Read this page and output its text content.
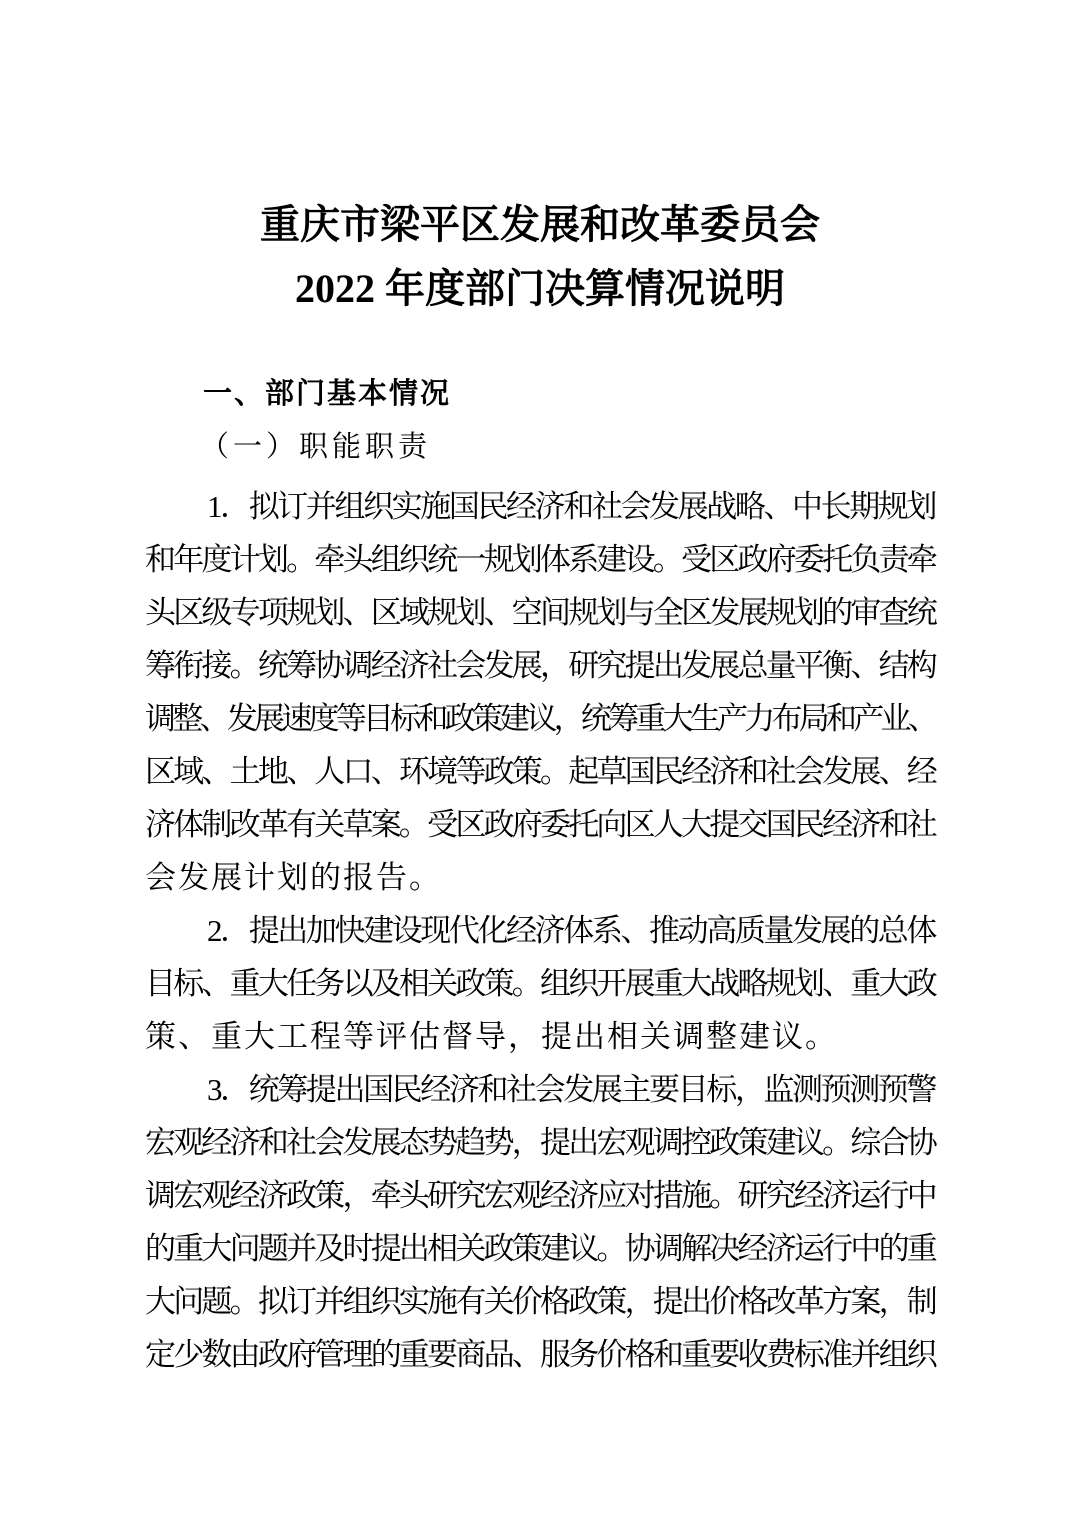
重庆市梁平区发展和改革委员会
2022 年度部门决算情况说明
一、部门基本情况
（一）职能职责
1．拟订并组织实施国民经济和社会发展战略、中长期规划
和年度计划。牵头组织统一规划体系建设。受区政府委托负责牵
头区级专项规划、区域规划、空间规划与全区发展规划的审查统
筹衔接。统筹协调经济社会发展，研究提出发展总量平衡、结构
调整、发展速度等目标和政策建议，统筹重大生产力布局和产业、
区域、土地、人口、环境等政策。起草国民经济和社会发展、经
济体制改革有关草案。受区政府委托向区人大提交国民经济和社
会发展计划的报告。
2．提出加快建设现代化经济体系、推动高质量发展的总体
目标、重大任务以及相关政策。组织开展重大战略规划、重大政
策、重大工程等评估督导，提出相关调整建议。
3．统筹提出国民经济和社会发展主要目标，监测预测预警
宏观经济和社会发展态势趋势，提出宏观调控政策建议。综合协
调宏观经济政策，牵头研究宏观经济应对措施。研究经济运行中
的重大问题并及时提出相关政策建议。协调解决经济运行中的重
大问题。拟订并组织实施有关价格政策，提出价格改革方案，制
定少数由政府管理的重要商品、服务价格和重要收费标准并组织
